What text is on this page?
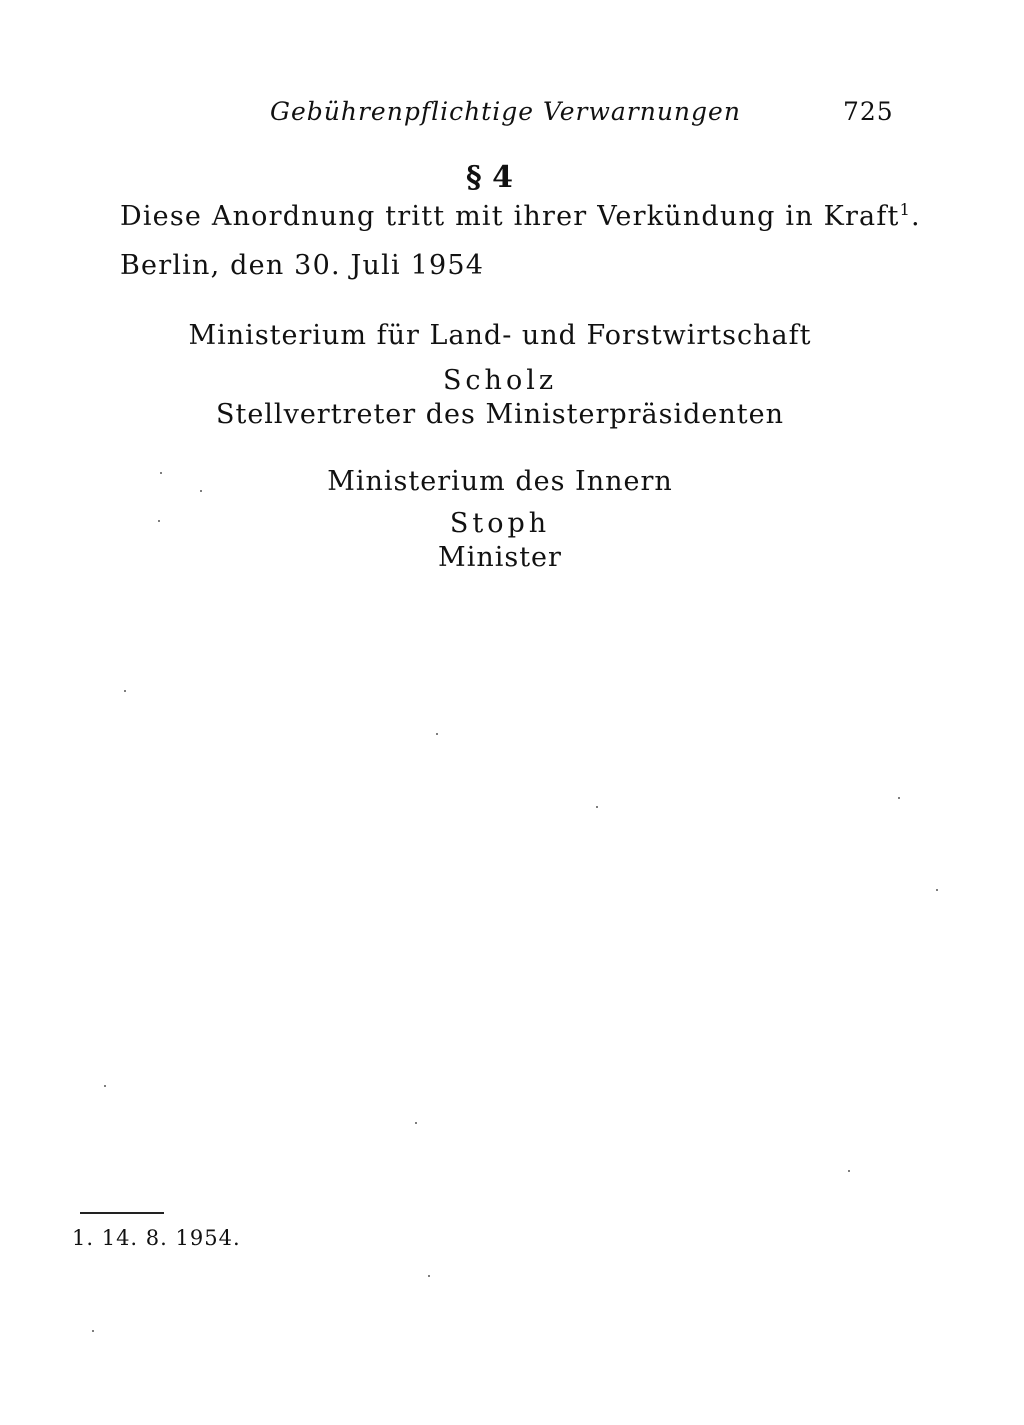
Gebührenpflichtige Verwarnungen	725
§ 4
Diese Anordnung tritt mit ihrer Verkündung in Kraft$^1$.
Berlin, den 30. Juli 1954
Ministerium für Land- und Forstwirtschaft
Scholz
Stellvertreter des Ministerpräsidenten
Ministerium des Innern
Stoph
Minister
1. 14. 8. 1954.
